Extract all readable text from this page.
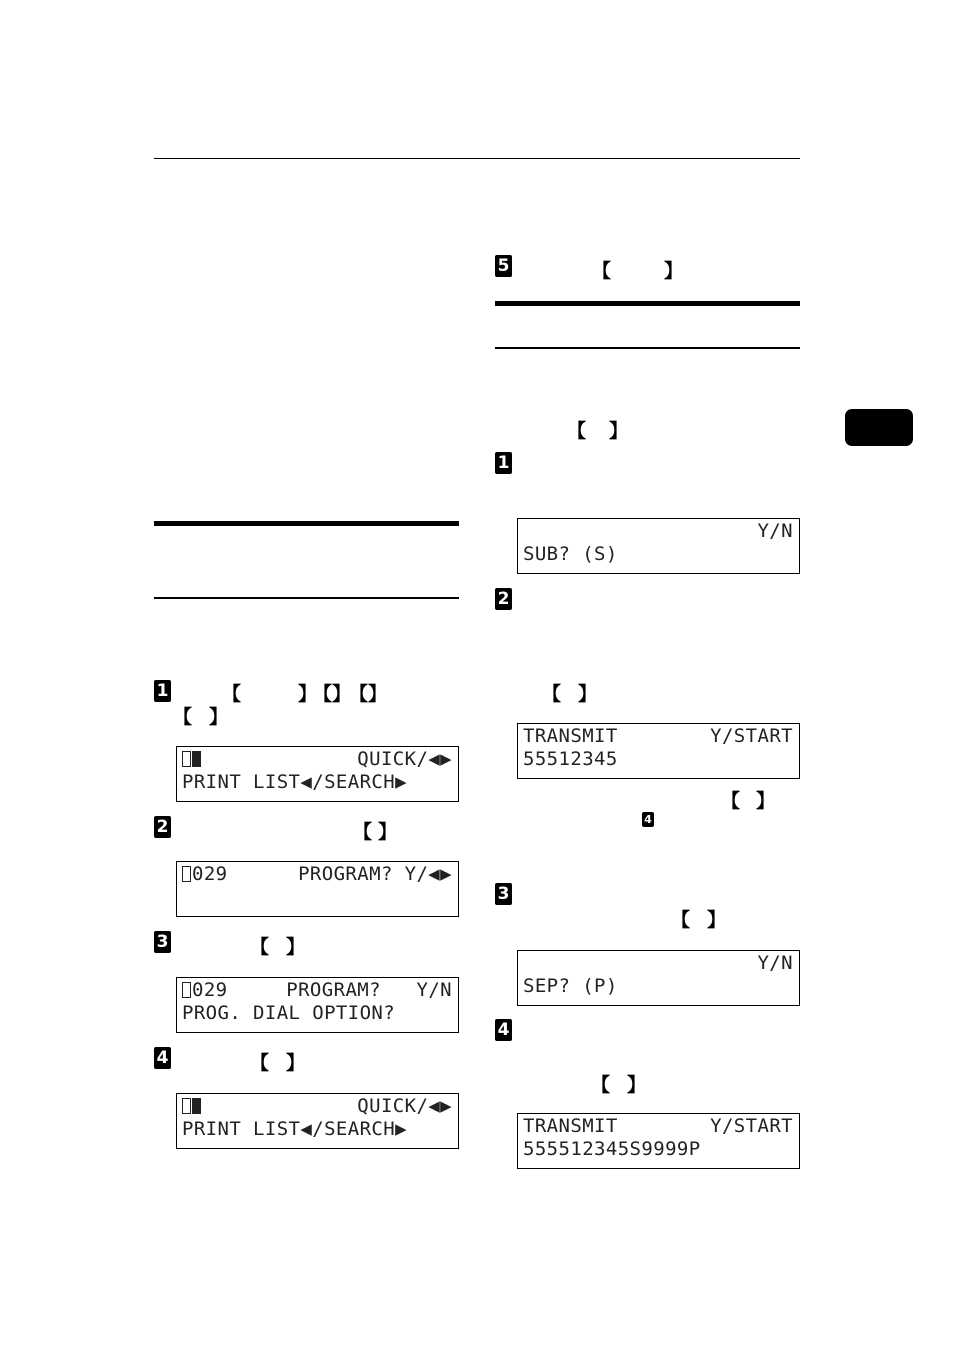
1	【	】
【 】
【 】
【 】
QUICK/◀▶
PRINT LIST◀/SEARCH▶
2	【 】
029	PROGRAM? Y/◀▶
3	【 】
029	PROGRAM?   Y/N
PROG. DIAL OPTION?
4	【 】
QUICK/◀▶
PRINT LIST◀/SEARCH▶
5	【	】
【 】
1
Y/N
SUB? (S)
2
【 】
TRANSMIT	Y/START
55512345
【 】
4
3
【 】
Y/N
SEP? (P)
4
【 】
TRANSMIT	Y/START
555512345S9999P
